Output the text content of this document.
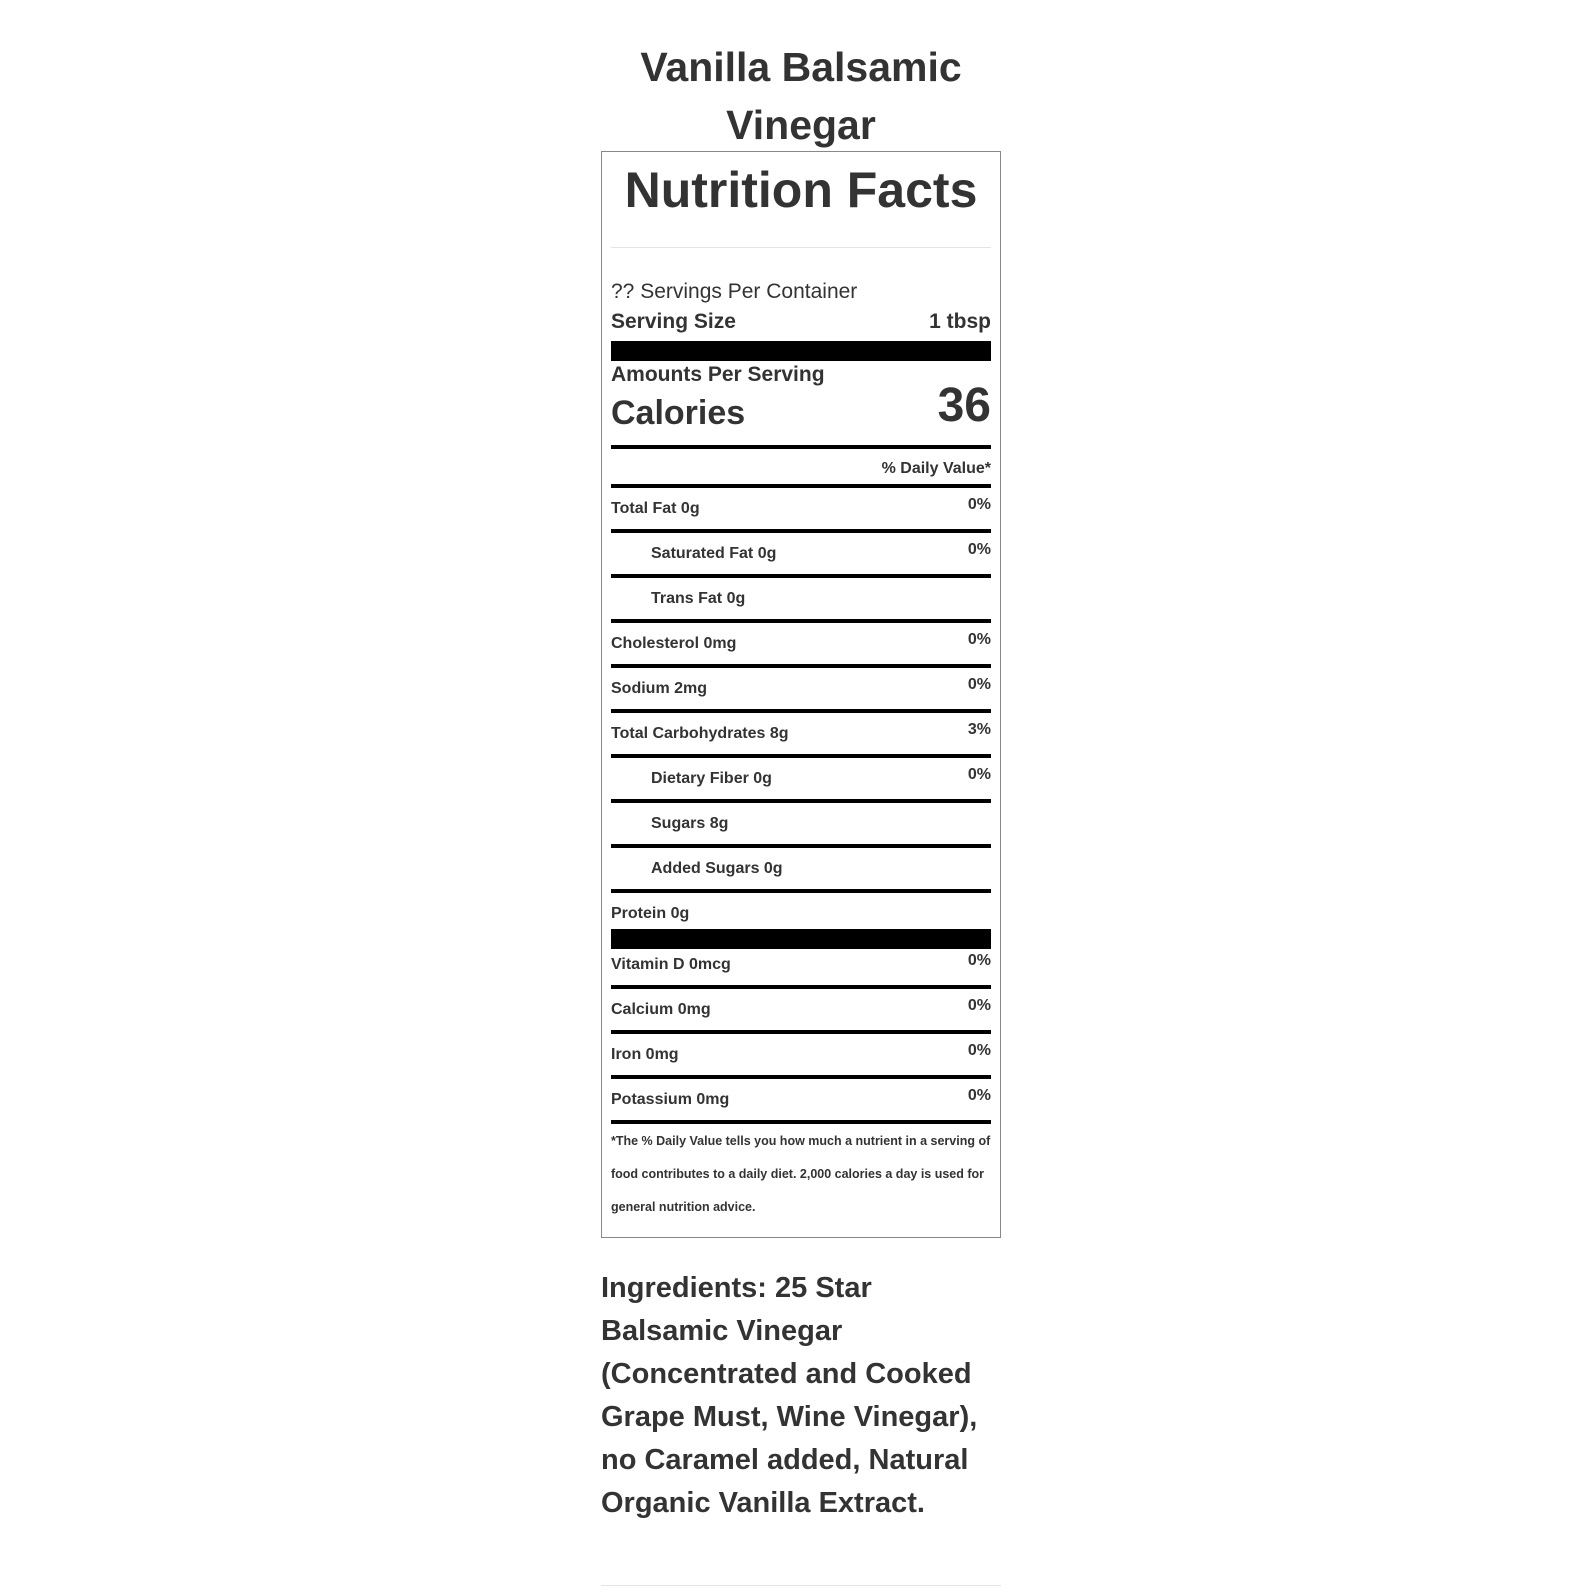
Vanilla Balsamic Vinegar
Nutrition Facts
?? Servings Per Container
Serving Size	1 tbsp
Amounts Per Serving
Calories	36
% Daily Value*
Total Fat 0g	0%
Saturated Fat 0g	0%
Trans Fat 0g
Cholesterol 0mg	0%
Sodium 2mg	0%
Total Carbohydrates 8g	3%
Dietary Fiber 0g	0%
Sugars 8g
Added Sugars 0g
Protein 0g
Vitamin D 0mcg	0%
Calcium 0mg	0%
Iron 0mg	0%
Potassium 0mg	0%
*The % Daily Value tells you how much a nutrient in a serving of food contributes to a daily diet. 2,000 calories a day is used for general nutrition advice.
Ingredients: 25 Star Balsamic Vinegar (Concentrated and Cooked Grape Must, Wine Vinegar), no Caramel added, Natural Organic Vanilla Extract.
